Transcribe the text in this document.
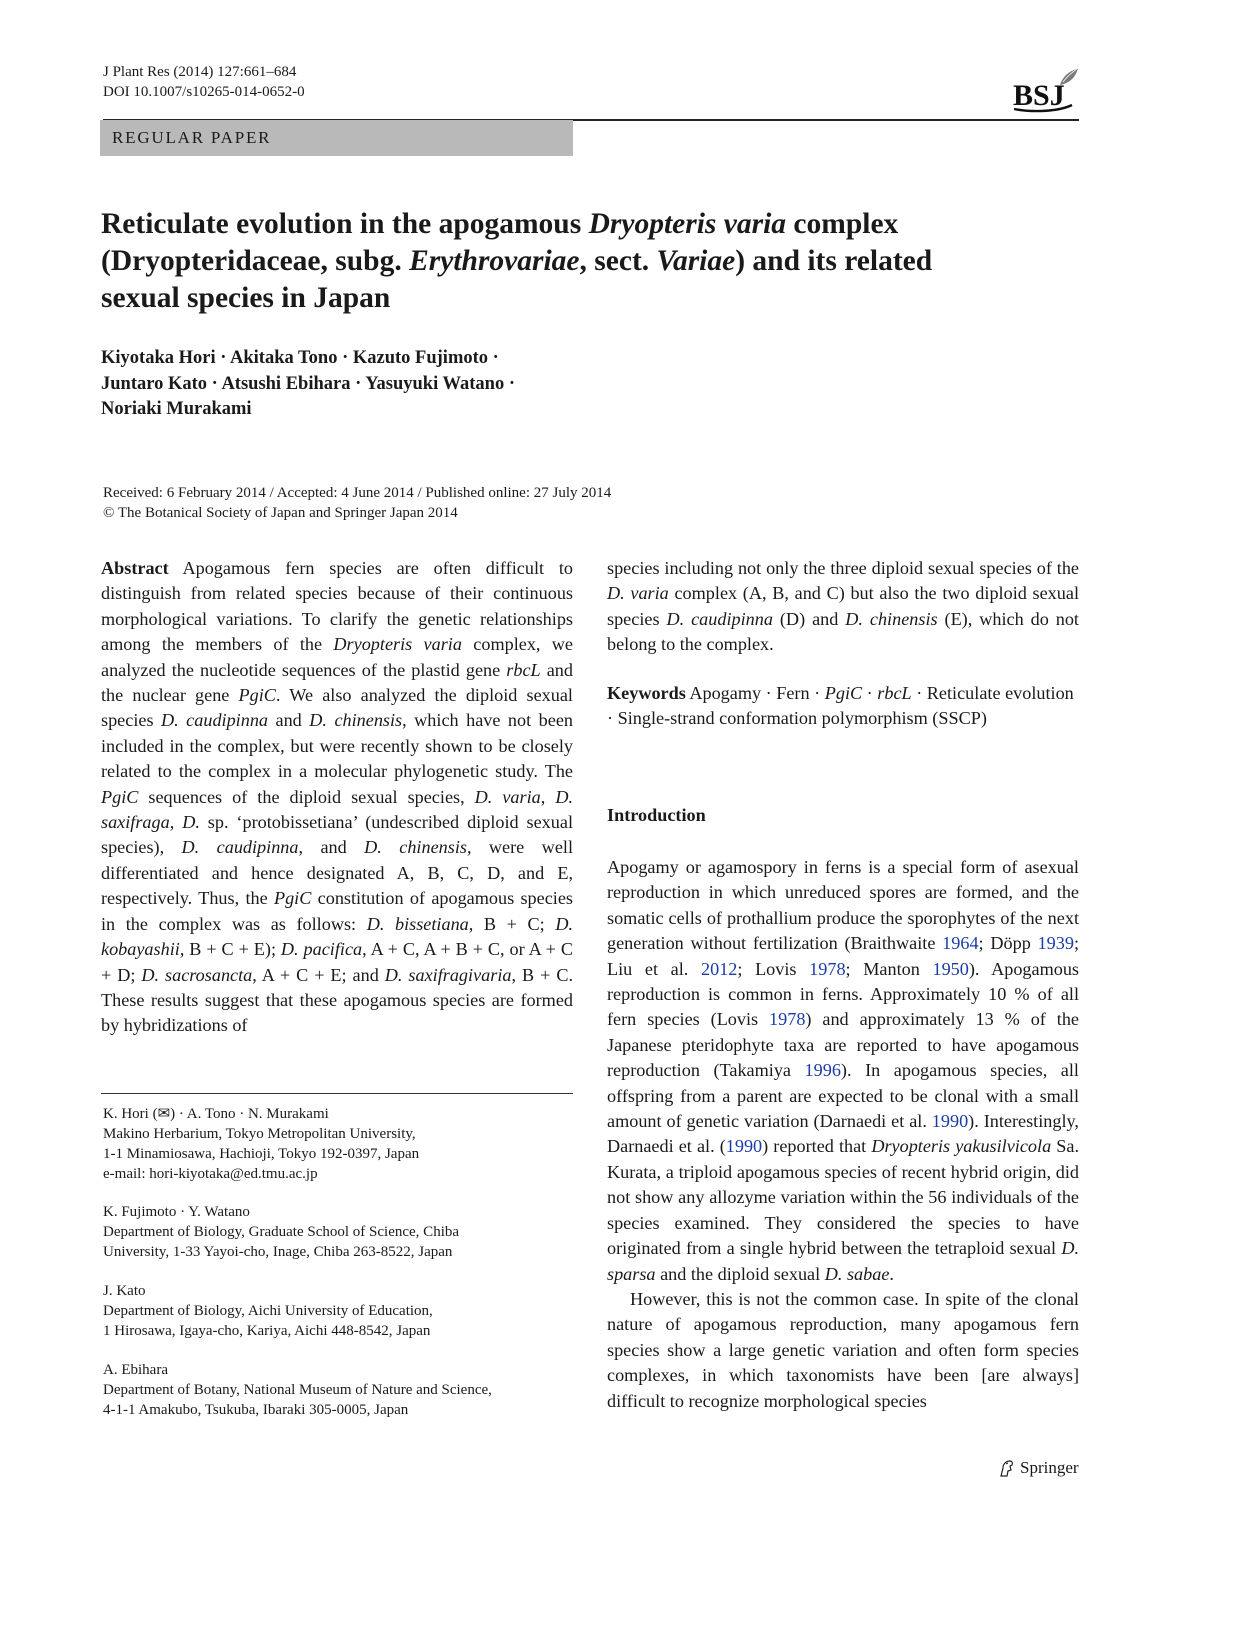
J Plant Res (2014) 127:661–684
DOI 10.1007/s10265-014-0652-0	BSJ
REGULAR PAPER
Reticulate evolution in the apogamous Dryopteris varia complex
(Dryopteridaceae, subg. Erythrovariae, sect. Variae) and its related
sexual species in Japan
Kiyotaka Hori · Akitaka Tono · Kazuto Fujimoto ·
Juntaro Kato · Atsushi Ebihara · Yasuyuki Watano ·
Noriaki Murakami
Received: 6 February 2014 / Accepted: 4 June 2014 / Published online: 27 July 2014
© The Botanical Society of Japan and Springer Japan 2014

Abstract Apogamous fern species are often difficult to distinguish from related species because of their continuous morphological variations. To clarify the genetic relationships among the members of the Dryopteris varia complex, we analyzed the nucleotide sequences of the plastid gene rbcL and the nuclear gene PgiC. We also analyzed the diploid sexual species D. caudipinna and D. chinensis, which have not been included in the complex, but were recently shown to be closely related to the complex in a molecular phylogenetic study. The PgiC sequences of the diploid sexual species, D. varia, D. saxifraga, D. sp. ‘protobissetiana’ (undescribed diploid sexual species), D. caudipinna, and D. chinensis, were well differentiated and hence designated A, B, C, D, and E, respectively. Thus, the PgiC constitution of apogamous species in the complex was as follows: D. bissetiana, B + C; D. kobayashii, B + C + E); D. pacifica, A + C, A + B + C, or A + C + D; D. sacrosancta, A + C + E; and D. saxifragivaria, B + C. These results suggest that these apogamous species are formed by hybridizations of

species including not only the three diploid sexual species of the D. varia complex (A, B, and C) but also the two diploid sexual species D. caudipinna (D) and D. chinensis (E), which do not belong to the complex.

Keywords Apogamy · Fern · PgiC · rbcL · Reticulate evolution · Single-strand conformation polymorphism (SSCP)

Introduction

Apogamy or agamospory in ferns is a special form of asexual reproduction in which unreduced spores are formed, and the somatic cells of prothallium produce the sporophytes of the next generation without fertilization (Braithwaite 1964; Döpp 1939; Liu et al. 2012; Lovis 1978; Manton 1950). Apogamous reproduction is common in ferns. Approximately 10 % of all fern species (Lovis 1978) and approximately 13 % of the Japanese pteridophyte taxa are reported to have apogamous reproduction (Takamiya 1996). In apogamous species, all offspring from a parent are expected to be clonal with a small amount of genetic variation (Darnaedi et al. 1990). Interestingly, Darnaedi et al. (1990) reported that Dryopteris yakusilvicola Sa. Kurata, a triploid apogamous species of recent hybrid origin, did not show any allozyme variation within the 56 individuals of the species examined. They considered the species to have originated from a single hybrid between the tetraploid sexual D. sparsa and the diploid sexual D. sabae.

However, this is not the common case. In spite of the clonal nature of apogamous reproduction, many apogamous fern species show a large genetic variation and often form species complexes, in which taxonomists have been [are always] difficult to recognize morphological species

K. Hori (✉) · A. Tono · N. Murakami
Makino Herbarium, Tokyo Metropolitan University,
1-1 Minamiosawa, Hachioji, Tokyo 192-0397, Japan
e-mail: hori-kiyotaka@ed.tmu.ac.jp
K. Fujimoto · Y. Watano
Department of Biology, Graduate School of Science, Chiba
University, 1-33 Yayoi-cho, Inage, Chiba 263-8522, Japan
J. Kato
Department of Biology, Aichi University of Education,
1 Hirosawa, Igaya-cho, Kariya, Aichi 448-8542, Japan
A. Ebihara
Department of Botany, National Museum of Nature and Science,
4-1-1 Amakubo, Tsukuba, Ibaraki 305-0005, Japan
Springer
